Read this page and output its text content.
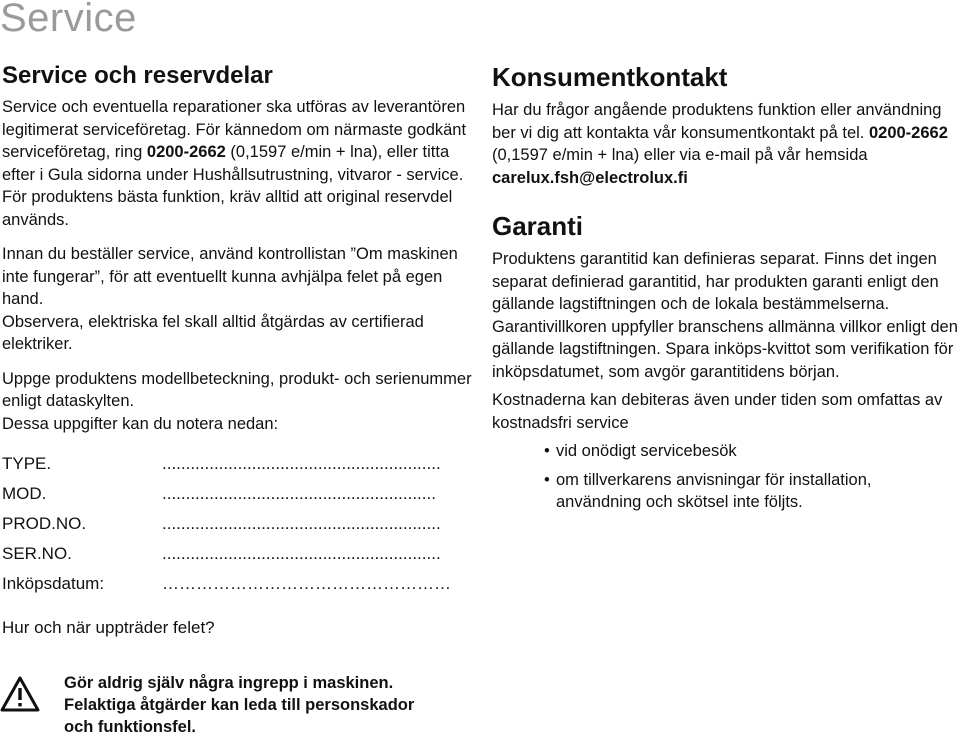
Service
Service och reservdelar

Service och eventuella reparationer ska utföras av leverantören legitimerat serviceföretag. För kännedom om närmaste godkänt serviceföretag, ring 0200-2662 (0,1597 e/min + lna), eller titta efter i Gula sidorna under Hushållsutrustning, vitvaror - service. För produktens bästa funktion, kräv alltid att original reservdel används.

Innan du beställer service, använd kontrollistan ”Om maskinen inte fungerar”, för att eventuellt kunna avhjälpa felet på egen hand.

Observera, elektriska fel skall alltid åtgärdas av certifierad elektriker.

Uppge produktens modellbeteckning, produkt- och serienummer enligt dataskylten.

Dessa uppgifter kan du notera nedan:

TYPE.	...........................................................
MOD.	..........................................................
PROD.NO.	...........................................................
SER.NO.	...........................................................
Inköpsdatum:	……………………………………………

Hur och när uppträder felet?

Konsumentkontakt

Har du frågor angående produktens funktion eller användning ber vi dig att kontakta vår konsumentkontakt på tel. 0200-2662 (0,1597 e/min + lna) eller via e-mail på vår hemsida carelux.fsh@electrolux.fi

Garanti

Produktens garantitid kan definieras separat. Finns det ingen separat definierad garantitid, har produkten garanti enligt den gällande lagstiftningen och de lokala bestämmelserna. Garantivillkoren uppfyller branschens allmänna villkor enligt den gällande lagstiftningen. Spara inköps-kvittot som verifikation för inköpsdatumet, som avgör garantitidens början.

Kostnaderna kan debiteras även under tiden som omfattas av kostnadsfri service

• vid onödigt servicebesök
• om tillverkarens anvisningar för installation, användning och skötsel inte följts.

Gör aldrig själv några ingrepp i maskinen.
Felaktiga åtgärder kan leda till personskador
och funktionsfel.
